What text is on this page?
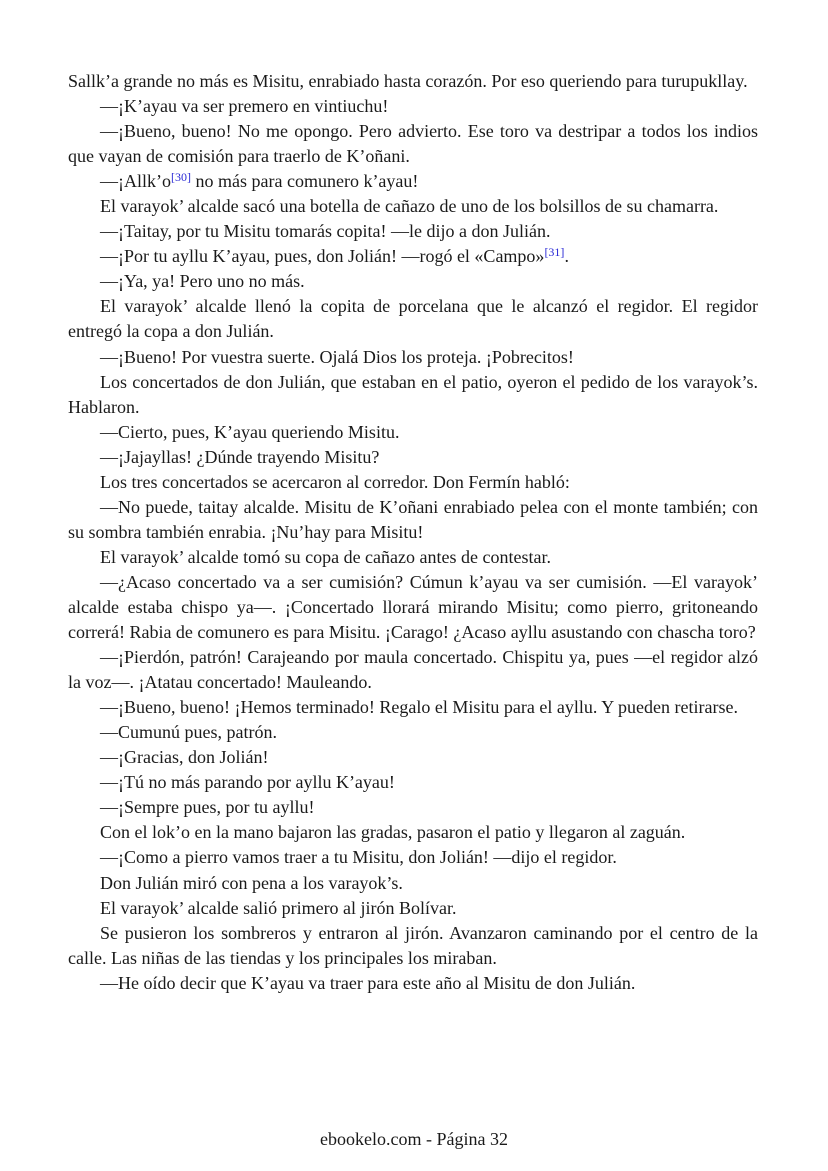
Sallk’a grande no más es Misitu, enrabiado hasta corazón. Por eso queriendo para turupukllay.

—¡K’ayau va ser premero en vintiuchu!

—¡Bueno, bueno! No me opongo. Pero advierto. Ese toro va destripar a todos los indios que vayan de comisión para traerlo de K’oñani.

—¡Allk’o[30] no más para comunero k’ayau!

El varayok’ alcalde sacó una botella de cañazo de uno de los bolsillos de su chamarra.

—¡Taitay, por tu Misitu tomarás copita! —le dijo a don Julián.

—¡Por tu ayllu K’ayau, pues, don Jolián! —rogó el «Campo»[31].

—¡Ya, ya! Pero uno no más.

El varayok’ alcalde llenó la copita de porcelana que le alcanzó el regidor. El regidor entregó la copa a don Julián.

—¡Bueno! Por vuestra suerte. Ojalá Dios los proteja. ¡Pobrecitos!

Los concertados de don Julián, que estaban en el patio, oyeron el pedido de los varayok’s. Hablaron.

—Cierto, pues, K’ayau queriendo Misitu.

—¡Jajayllas! ¿Dúnde trayendo Misitu?

Los tres concertados se acercaron al corredor. Don Fermín habló:

—No puede, taitay alcalde. Misitu de K’oñani enrabiado pelea con el monte también; con su sombra también enrabia. ¡Nu’hay para Misitu!

El varayok’ alcalde tomó su copa de cañazo antes de contestar.

—¿Acaso concertado va a ser cumisión? Cúmun k’ayau va ser cumisión. —El varayok’ alcalde estaba chispo ya—. ¡Concertado llorará mirando Misitu; como pierro, gritoneando correrá! Rabia de comunero es para Misitu. ¡Carago! ¿Acaso ayllu asustando con chascha toro?

—¡Pierdón, patrón! Carajeando por maula concertado. Chispitu ya, pues —el regidor alzó la voz—. ¡Atatau concertado! Mauleando.

—¡Bueno, bueno! ¡Hemos terminado! Regalo el Misitu para el ayllu. Y pueden retirarse.

—Cumunú pues, patrón.

—¡Gracias, don Jolián!

—¡Tú no más parando por ayllu K’ayau!

—¡Sempre pues, por tu ayllu!

Con el lok’o en la mano bajaron las gradas, pasaron el patio y llegaron al zaguán.

—¡Como a pierro vamos traer a tu Misitu, don Jolián! —dijo el regidor.

Don Julián miró con pena a los varayok’s.

El varayok’ alcalde salió primero al jirón Bolívar.

Se pusieron los sombreros y entraron al jirón. Avanzaron caminando por el centro de la calle. Las niñas de las tiendas y los principales los miraban.

—He oído decir que K’ayau va traer para este año al Misitu de don Julián.

ebookelo.com - Página 32
